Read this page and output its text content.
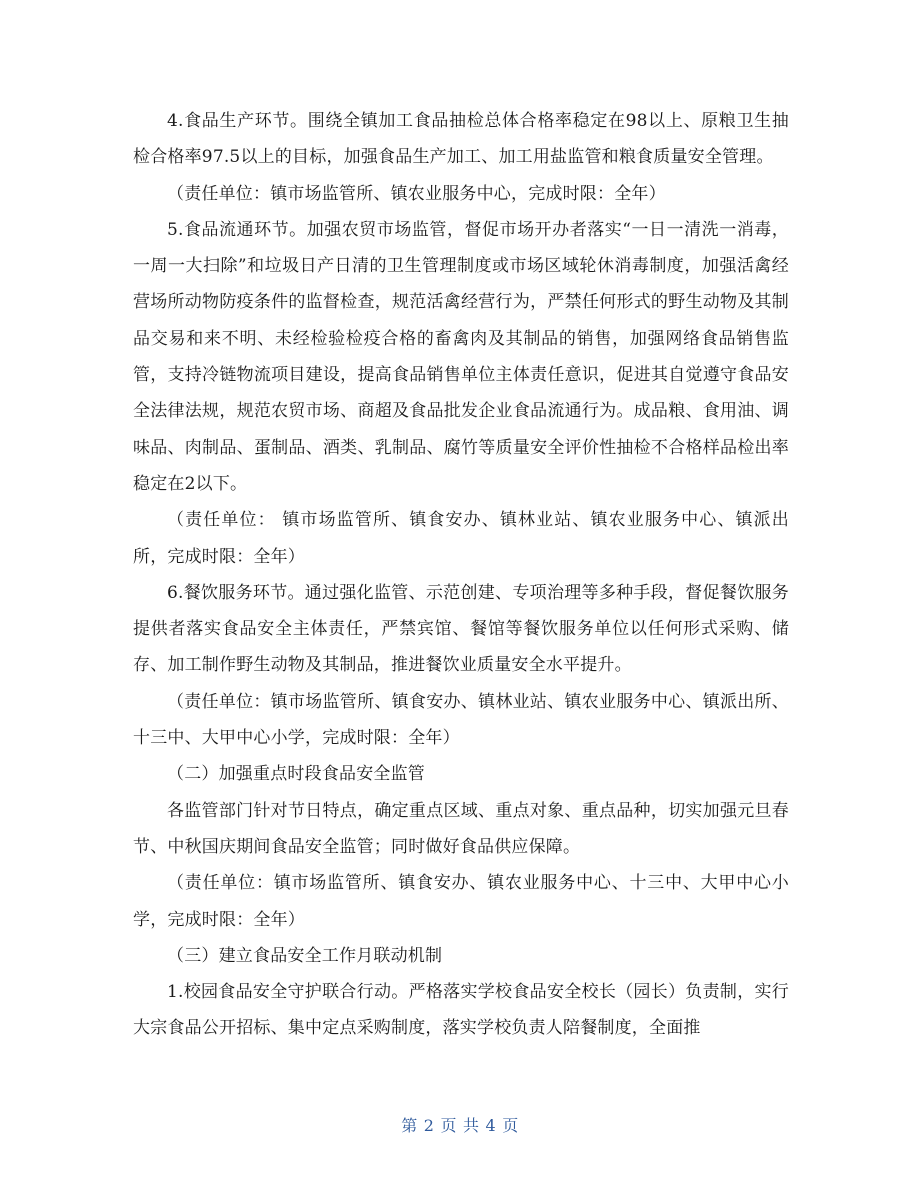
4.食品生产环节。围绕全镇加工食品抽检总体合格率稳定在98以上、原粮卫生抽检合格率97.5以上的目标，加强食品生产加工、加工用盐监管和粮食质量安全管理。

（责任单位：镇市场监管所、镇农业服务中心，完成时限：全年）

5.食品流通环节。加强农贸市场监管，督促市场开办者落实“一日一清洗一消毒，一周一大扫除”和垃圾日产日清的卫生管理制度或市场区域轮休消毒制度，加强活禽经营场所动物防疫条件的监督检查，规范活禽经营行为，严禁任何形式的野生动物及其制品交易和来不明、未经检验检疫合格的畜禽肉及其制品的销售，加强网络食品销售监管，支持冷链物流项目建设，提高食品销售单位主体责任意识，促进其自觉遵守食品安全法律法规，规范农贸市场、商超及食品批发企业食品流通行为。成品粮、食用油、调味品、肉制品、蛋制品、酒类、乳制品、腐竹等质量安全评价性抽检不合格样品检出率稳定在2以下。

（责任单位： 镇市场监管所、镇食安办、镇林业站、镇农业服务中心、镇派出所，完成时限：全年）

6.餐饮服务环节。通过强化监管、示范创建、专项治理等多种手段，督促餐饮服务提供者落实食品安全主体责任，严禁宾馆、餐馆等餐饮服务单位以任何形式采购、储存、加工制作野生动物及其制品，推进餐饮业质量安全水平提升。

（责任单位：镇市场监管所、镇食安办、镇林业站、镇农业服务中心、镇派出所、十三中、大甲中心小学，完成时限：全年）

（二）加强重点时段食品安全监管

各监管部门针对节日特点，确定重点区域、重点对象、重点品种，切实加强元旦春节、中秋国庆期间食品安全监管；同时做好食品供应保障。

（责任单位：镇市场监管所、镇食安办、镇农业服务中心、十三中、大甲中心小学，完成时限：全年）

（三）建立食品安全工作月联动机制

1.校园食品安全守护联合行动。严格落实学校食品安全校长（园长）负责制，实行大宗食品公开招标、集中定点采购制度，落实学校负责人陪餐制度，全面推

第 2 页 共 4 页
